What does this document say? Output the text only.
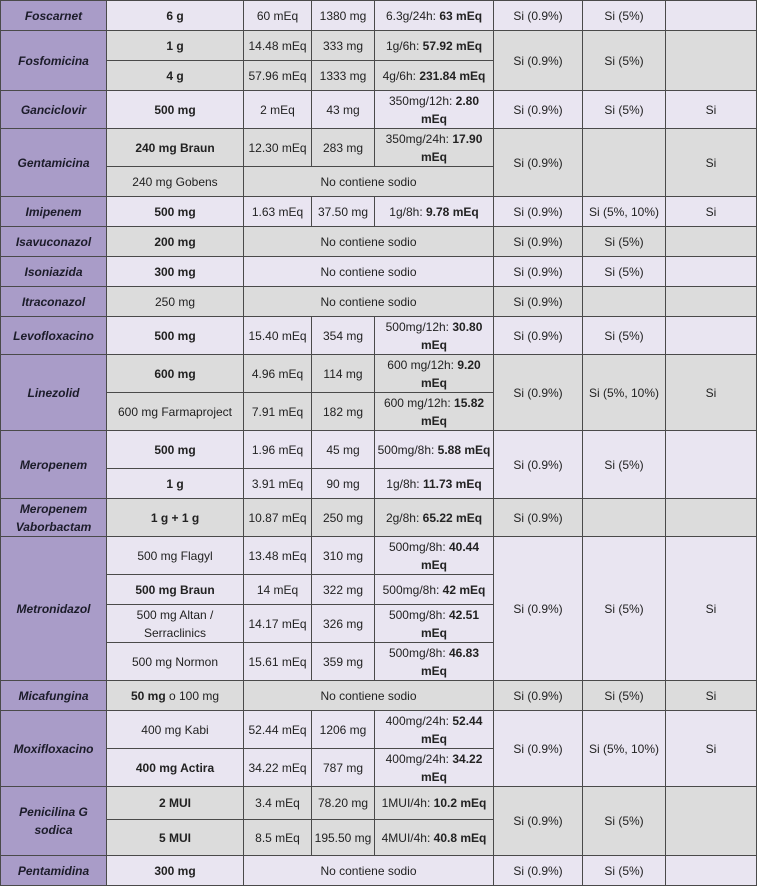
Foscarnet	6 g	60 mEq	1380 mg	6.3g/24h: 63 mEq	Si (0.9%)	Si (5%)	
Fosfomicina	1 g	14.48 mEq	333 mg	1g/6h: 57.92 mEq	Si (0.9%)	Si (5%)	
	4 g	57.96 mEq	1333 mg	4g/6h: 231.84 mEq			
Ganciclovir	500 mg	2 mEq	43 mg	350mg/12h: 2.80 mEq	Si (0.9%)	Si (5%)	Si
Gentamicina	240 mg Braun	12.30 mEq	283 mg	350mg/24h: 17.90 mEq	Si (0.9%)		Si
	240 mg Gobens	No contiene sodio					
Imipenem	500 mg	1.63 mEq	37.50 mg	1g/8h: 9.78 mEq	Si (0.9%)	Si (5%, 10%)	Si
Isavuconazol	200 mg	No contiene sodio			Si (0.9%)	Si (5%)	
Isoniazida	300 mg	No contiene sodio			Si (0.9%)	Si (5%)	
Itraconazol	250 mg	No contiene sodio			Si (0.9%)		
Levofloxacino	500 mg	15.40 mEq	354 mg	500mg/12h: 30.80 mEq	Si (0.9%)	Si (5%)	
Linezolid	600 mg	4.96 mEq	114 mg	600 mg/12h: 9.20 mEq	Si (0.9%)	Si (5%, 10%)	Si
	600 mg Farmaproject	7.91 mEq	182 mg	600 mg/12h: 15.82 mEq			
Meropenem	500 mg	1.96 mEq	45 mg	500mg/8h: 5.88 mEq	Si (0.9%)	Si (5%)	
	1 g	3.91 mEq	90 mg	1g/8h: 11.73 mEq			
Meropenem Vaborbactam	1 g + 1 g	10.87 mEq	250 mg	2g/8h: 65.22 mEq	Si (0.9%)		
Metronidazol	500 mg Flagyl	13.48 mEq	310 mg	500mg/8h: 40.44 mEq	Si (0.9%)	Si (5%)	Si
	500 mg Braun	14 mEq	322 mg	500mg/8h: 42 mEq			
	500 mg Altan / Serraclinics	14.17 mEq	326 mg	500mg/8h: 42.51 mEq			
	500 mg Normon	15.61 mEq	359 mg	500mg/8h: 46.83 mEq			
Micafungina	50 mg o 100 mg	No contiene sodio			Si (0.9%)	Si (5%)	Si
Moxifloxacino	400 mg Kabi	52.44 mEq	1206 mg	400mg/24h: 52.44 mEq	Si (0.9%)	Si (5%, 10%)	Si
	400 mg Actira	34.22 mEq	787 mg	400mg/24h: 34.22 mEq			
Penicilina G sodica	2 MUI	3.4 mEq	78.20 mg	1MUI/4h: 10.2 mEq	Si (0.9%)	Si (5%)	
	5 MUI	8.5 mEq	195.50 mg	4MUI/4h: 40.8 mEq			
Pentamidina	300 mg	No contiene sodio			Si (0.9%)	Si (5%)	
